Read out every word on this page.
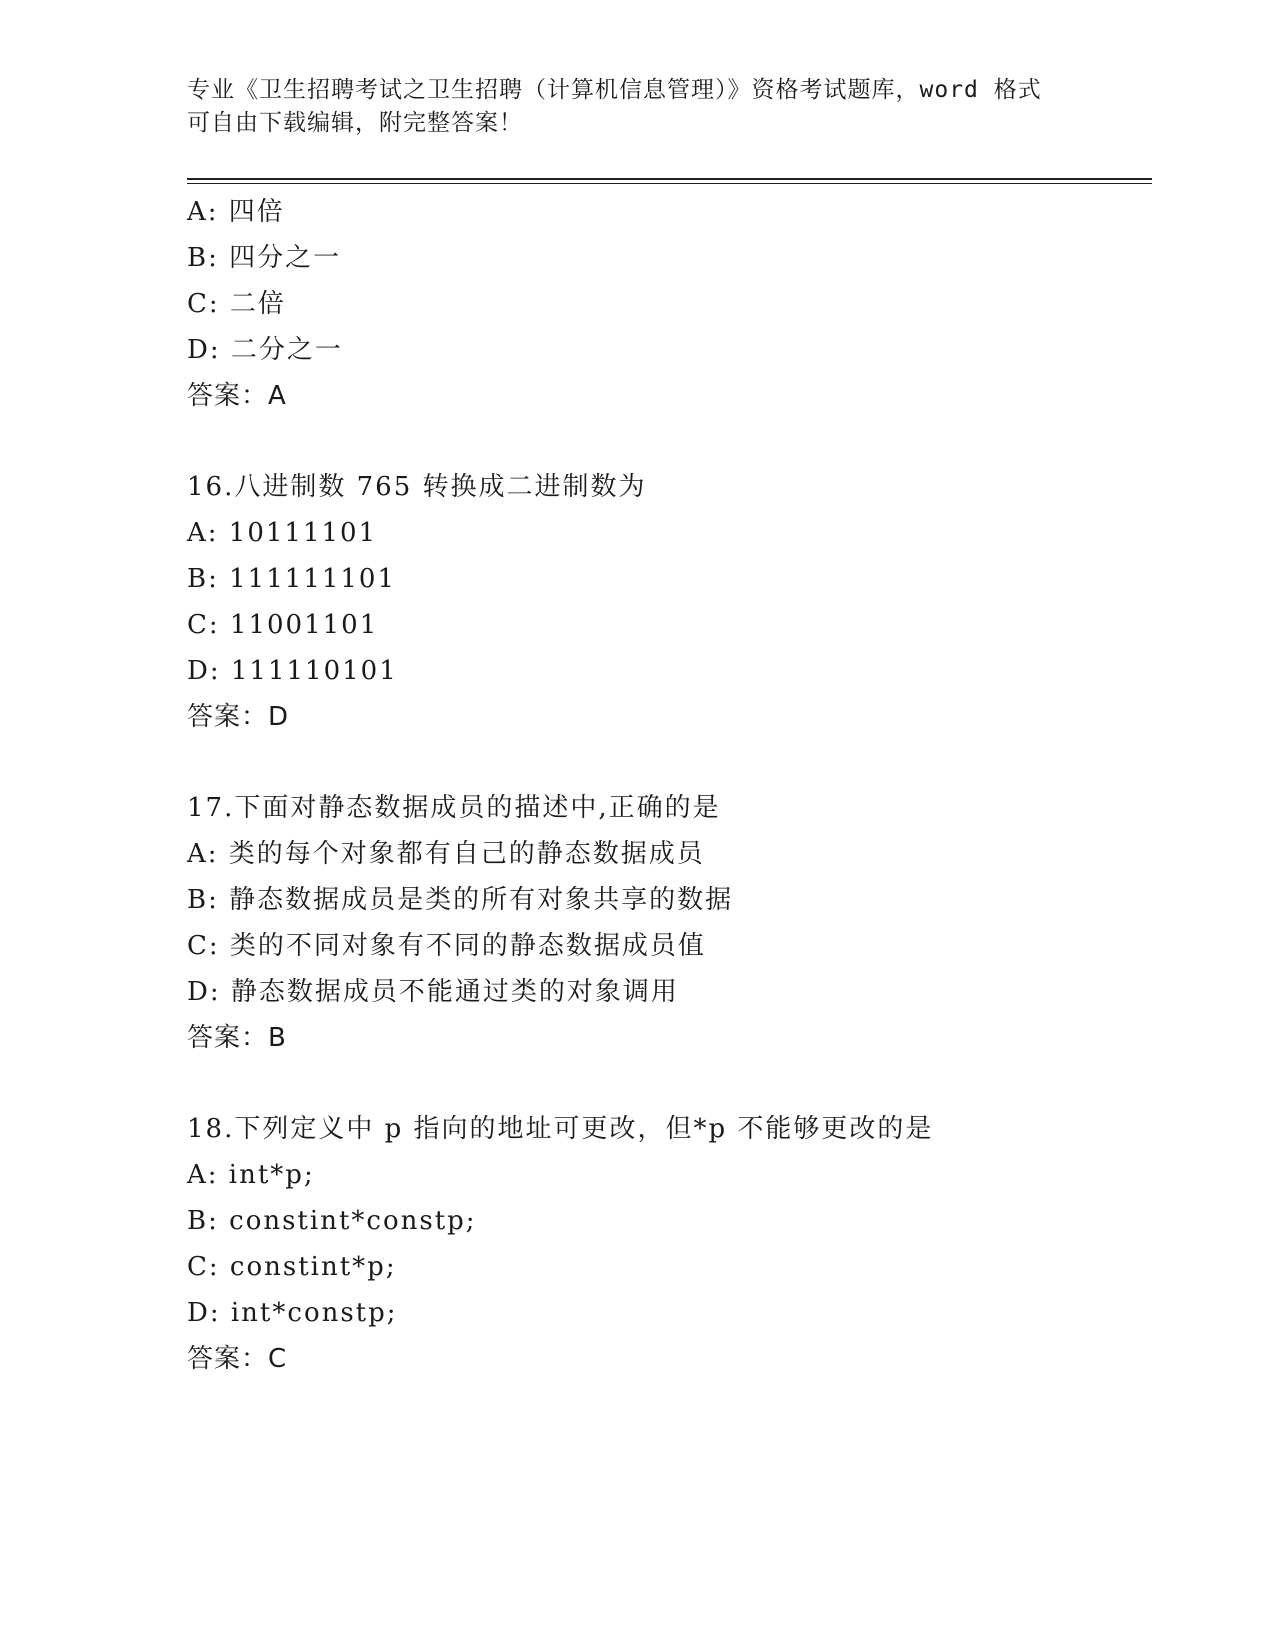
专业《卫生招聘考试之卫生招聘（计算机信息管理）》资格考试题库，word 格式
可自由下载编辑，附完整答案！
A: 四倍
B: 四分之一
C: 二倍
D: 二分之一
答案：A
16.八进制数 765 转换成二进制数为
A: 10111101
B: 111111101
C: 11001101
D: 111110101
答案：D
17.下面对静态数据成员的描述中,正确的是
A: 类的每个对象都有自己的静态数据成员
B: 静态数据成员是类的所有对象共享的数据
C: 类的不同对象有不同的静态数据成员值
D: 静态数据成员不能通过类的对象调用
答案：B
18.下列定义中 p 指向的地址可更改，但*p 不能够更改的是
A: int*p;
B: constint*constp;
C: constint*p;
D: int*constp;
答案：C
